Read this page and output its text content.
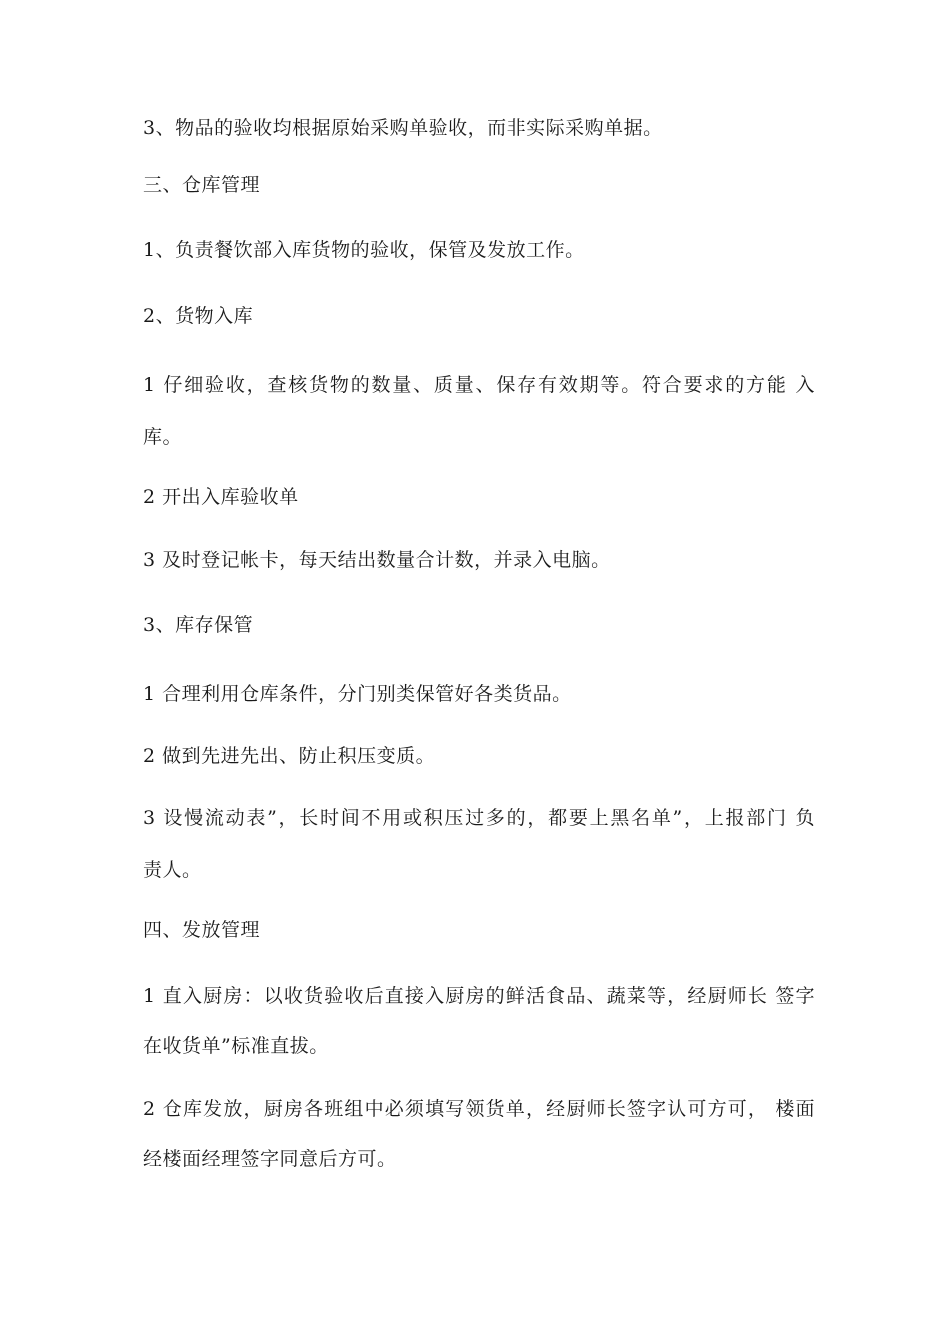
3、物品的验收均根据原始采购单验收，而非实际采购单据。
三、仓库管理
1、负责餐饮部入库货物的验收，保管及发放工作。
2、货物入库
1 仔细验收，查核货物的数量、质量、保存有效期等。符合要求的方能 入
库。
2 开出入库验收单
3 及时登记帐卡，每天结出数量合计数，并录入电脑。
3、库存保管
1 合理利用仓库条件，分门别类保管好各类货品。
2 做到先进先出、防止积压变质。
3 设慢流动表”，长时间不用或积压过多的，都要上黑名单”，上报部门 负
责人。
四、发放管理
1 直入厨房：以收货验收后直接入厨房的鲜活食品、蔬菜等，经厨师长 签字
在收货单”标准直拔。
2 仓库发放，厨房各班组中必须填写领货单，经厨师长签字认可方可， 楼面
经楼面经理签字同意后方可。
